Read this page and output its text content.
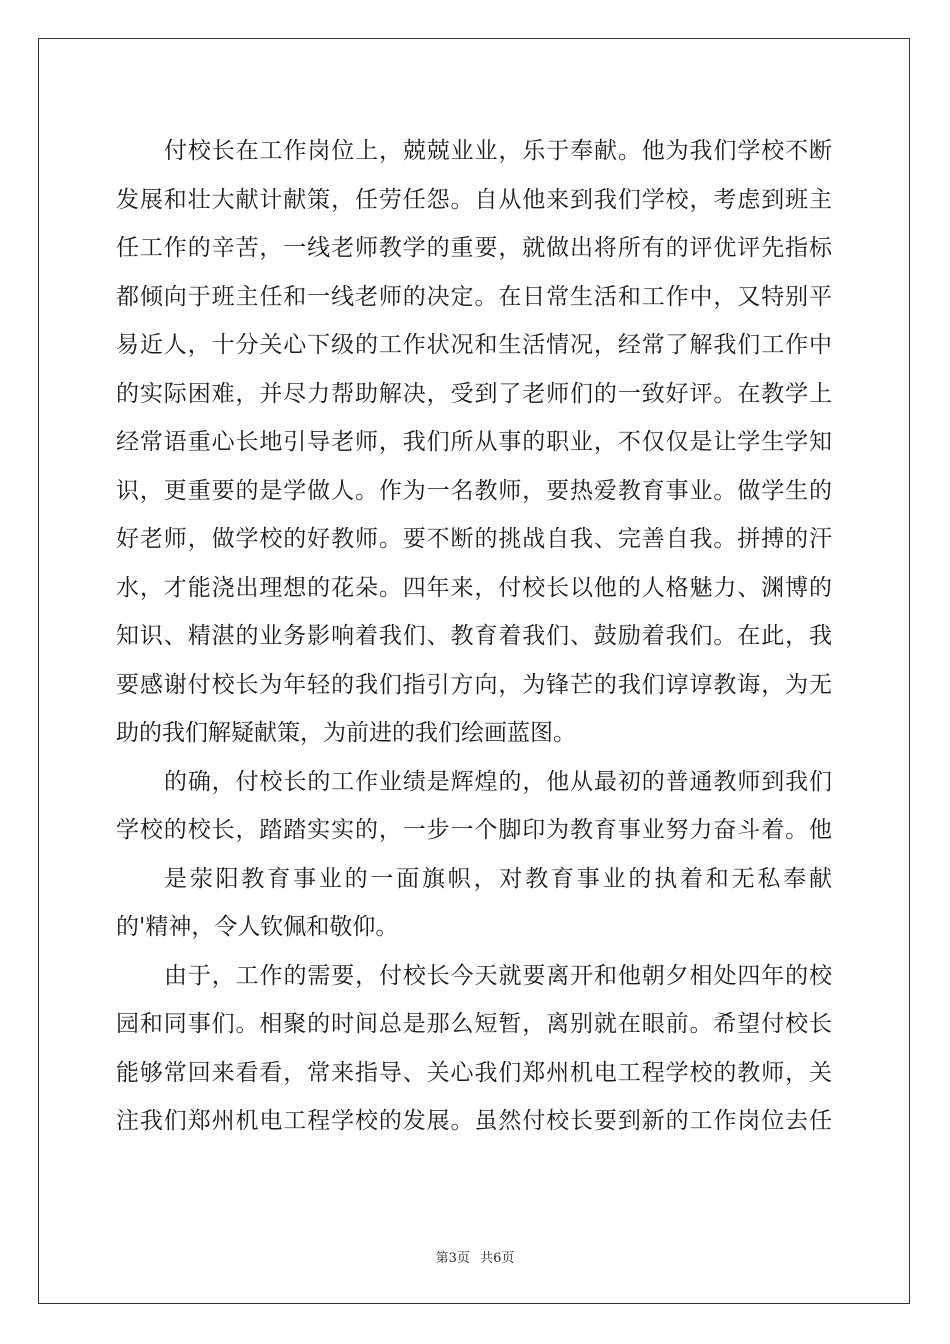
付校长在工作岗位上，兢兢业业，乐于奉献。他为我们学校不断
发展和壮大献计献策，任劳任怨。自从他来到我们学校，考虑到班主
任工作的辛苦，一线老师教学的重要，就做出将所有的评优评先指标
都倾向于班主任和一线老师的决定。在日常生活和工作中，又特别平
易近人，十分关心下级的工作状况和生活情况，经常了解我们工作中
的实际困难，并尽力帮助解决，受到了老师们的一致好评。在教学上
经常语重心长地引导老师，我们所从事的职业，不仅仅是让学生学知
识，更重要的是学做人。作为一名教师，要热爱教育事业。做学生的
好老师，做学校的好教师。要不断的挑战自我、完善自我。拼搏的汗
水，才能浇出理想的花朵。四年来，付校长以他的人格魅力、渊博的
知识、精湛的业务影响着我们、教育着我们、鼓励着我们。在此，我
要感谢付校长为年轻的我们指引方向，为锋芒的我们谆谆教诲，为无
助的我们解疑献策，为前进的我们绘画蓝图。
的确，付校长的工作业绩是辉煌的，他从最初的普通教师到我们
学校的校长，踏踏实实的，一步一个脚印为教育事业努力奋斗着。他
是荥阳教育事业的一面旗帜，对教育事业的执着和无私奉献
的'精神，令人钦佩和敬仰。
由于，工作的需要，付校长今天就要离开和他朝夕相处四年的校
园和同事们。相聚的时间总是那么短暂，离别就在眼前。希望付校长
能够常回来看看，常来指导、关心我们郑州机电工程学校的教师，关
注我们郑州机电工程学校的发展。虽然付校长要到新的工作岗位去任
第3页 共6页
